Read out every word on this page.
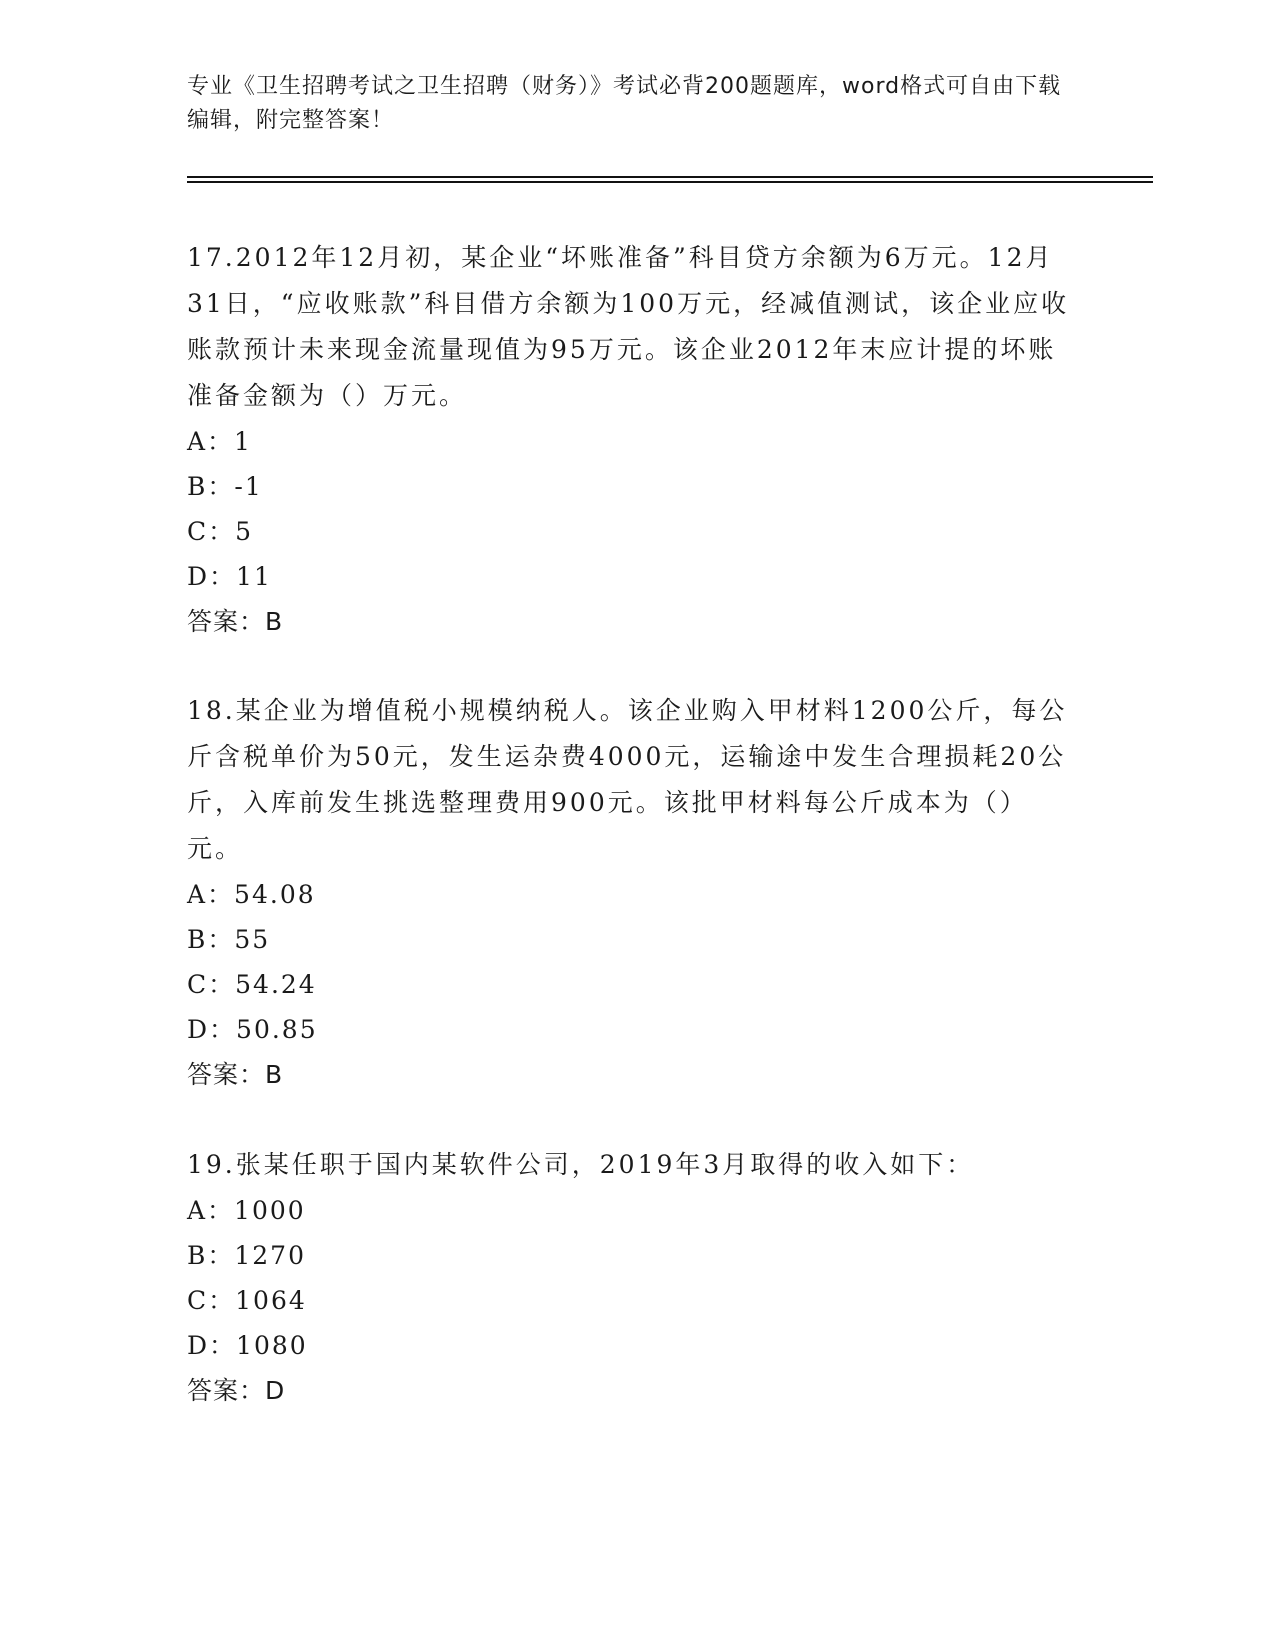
专业《卫生招聘考试之卫生招聘（财务）》考试必背200题题库，word格式可自由下载编辑，附完整答案！

17.2012年12月初，某企业“坏账准备”科目贷方余额为6万元。12月31日，“应收账款”科目借方余额为100万元，经减值测试，该企业应收账款预计未来现金流量现值为95万元。该企业2012年末应计提的坏账准备金额为（）万元。

A：1

B：-1

C：5

D：11

答案：B

18.某企业为增值税小规模纳税人。该企业购入甲材料1200公斤，每公斤含税单价为50元，发生运杂费4000元，运输途中发生合理损耗20公斤，入库前发生挑选整理费用900元。该批甲材料每公斤成本为（）元。

A：54.08

B：55

C：54.24

D：50.85

答案：B

19.张某任职于国内某软件公司，2019年3月取得的收入如下：

A：1000

B：1270

C：1064

D：1080

答案：D
